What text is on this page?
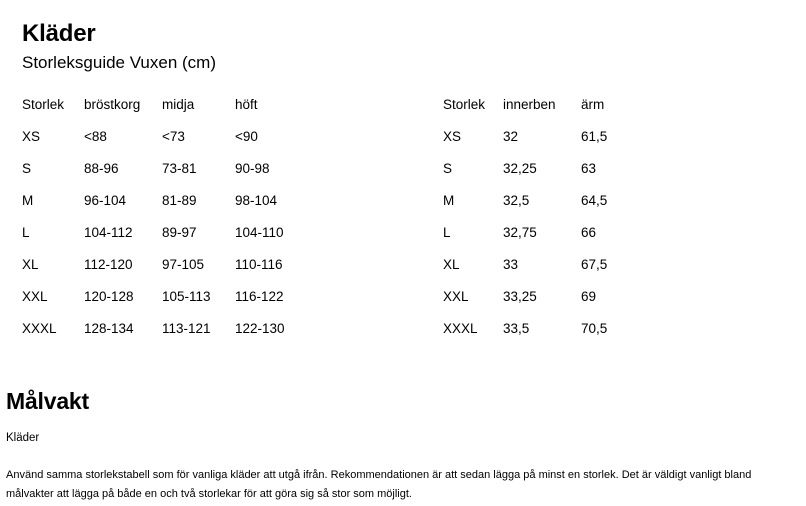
Kläder
Storleksguide Vuxen (cm)
Storlek	bröstkorg	midja	höft
XS	<88	<73	<90
S	88-96	73-81	90-98
M	96-104	81-89	98-104
L	104-112	89-97	104-110
XL	112-120	97-105	110-116
XXL	120-128	105-113	116-122
XXXL	128-134	113-121	122-130
Storlek	innerben	ärm
XS	32	61,5
S	32,25	63
M	32,5	64,5
L	32,75	66
XL	33	67,5
XXL	33,25	69
XXXL	33,5	70,5
Målvakt
Kläder

Använd samma storlekstabell som för vanliga kläder att utgå ifrån. Rekommendationen är att sedan lägga på minst en storlek. Det är väldigt vanligt bland målvakter att lägga på både en och två storlekar för att göra sig så stor som möjligt.
